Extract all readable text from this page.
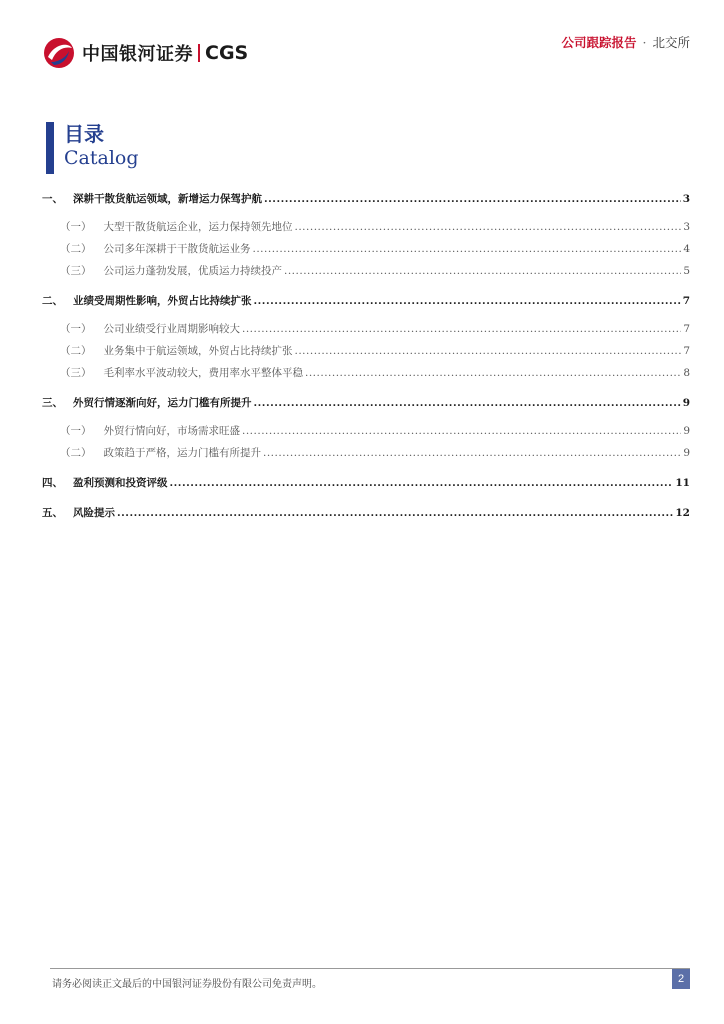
中国银河证券 CGS	公司跟踪报告 · 北交所
目录
Catalog
一、 深耕干散货航运领域，新增运力保驾护航 .....	3
（一） 大型干散货航运企业，运力保持领先地位 .....	3
（二） 公司多年深耕于干散货航运业务 .....	4
（三） 公司运力蓬勃发展，优质运力持续投产 .....	5
二、 业绩受周期性影响，外贸占比持续扩张 .....	7
（一） 公司业绩受行业周期影响较大 .....	7
（二） 业务集中于航运领域，外贸占比持续扩张 .....	7
（三） 毛利率水平波动较大，费用率水平整体平稳 .....	8
三、 外贸行情逐渐向好，运力门槛有所提升 .....	9
（一） 外贸行情向好，市场需求旺盛 .....	9
（二） 政策趋于严格，运力门槛有所提升 .....	9
四、 盈利预测和投资评级 .....	11
五、 风险提示 .....	12
请务必阅读正文最后的中国银河证券股份有限公司免责声明。	2
